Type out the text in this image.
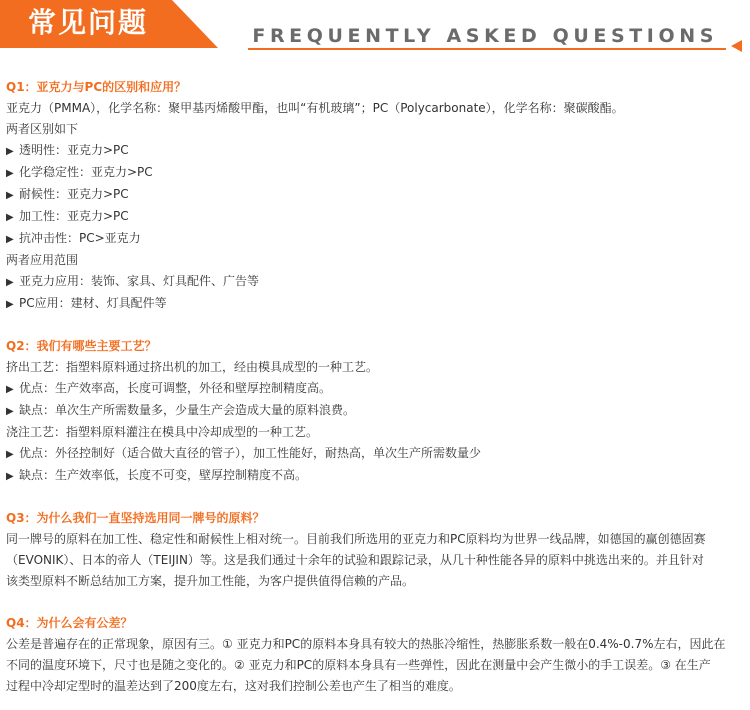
常见问题	FREQUENTLY ASKED QUESTIONS
Q1：亚克力与PC的区别和应用？
亚克力（PMMA），化学名称：聚甲基丙烯酸甲酯，也叫“有机玻璃”；PC（Polycarbonate），化学名称：聚碳酸酯。
两者区别如下
▶ 透明性：亚克力>PC
▶ 化学稳定性：亚克力>PC
▶ 耐候性：亚克力>PC
▶ 加工性：亚克力>PC
▶ 抗冲击性：PC>亚克力
两者应用范围
▶ 亚克力应用：装饰、家具、灯具配件、广告等
▶ PC应用：建材、灯具配件等
Q2：我们有哪些主要工艺？
挤出工艺：指塑料原料通过挤出机的加工，经由模具成型的一种工艺。
▶ 优点：生产效率高，长度可调整，外径和壁厚控制精度高。
▶ 缺点：单次生产所需数量多，少量生产会造成大量的原料浪费。
浇注工艺：指塑料原料灌注在模具中冷却成型的一种工艺。
▶ 优点：外径控制好（适合做大直径的管子），加工性能好，耐热高，单次生产所需数量少
▶ 缺点：生产效率低，长度不可变，壁厚控制精度不高。
Q3：为什么我们一直坚持选用同一牌号的原料？
同一牌号的原料在加工性、稳定性和耐候性上相对统一。目前我们所选用的亚克力和PC原料均为世界一线品牌，如德国的赢创德固赛
（EVONIK）、日本的帝人（TEIJIN）等。这是我们通过十余年的试验和跟踪记录，从几十种性能各异的原料中挑选出来的。并且针对
该类型原料不断总结加工方案，提升加工性能，为客户提供值得信赖的产品。
Q4：为什么会有公差？
公差是普遍存在的正常现象，原因有三。① 亚克力和PC的原料本身具有较大的热胀冷缩性，热膨胀系数一般在0.4%-0.7%左右，因此在
不同的温度环境下，尺寸也是随之变化的。② 亚克力和PC的原料本身具有一些弹性，因此在测量中会产生微小的手工误差。③ 在生产
过程中冷却定型时的温差达到了200度左右，这对我们控制公差也产生了相当的难度。
